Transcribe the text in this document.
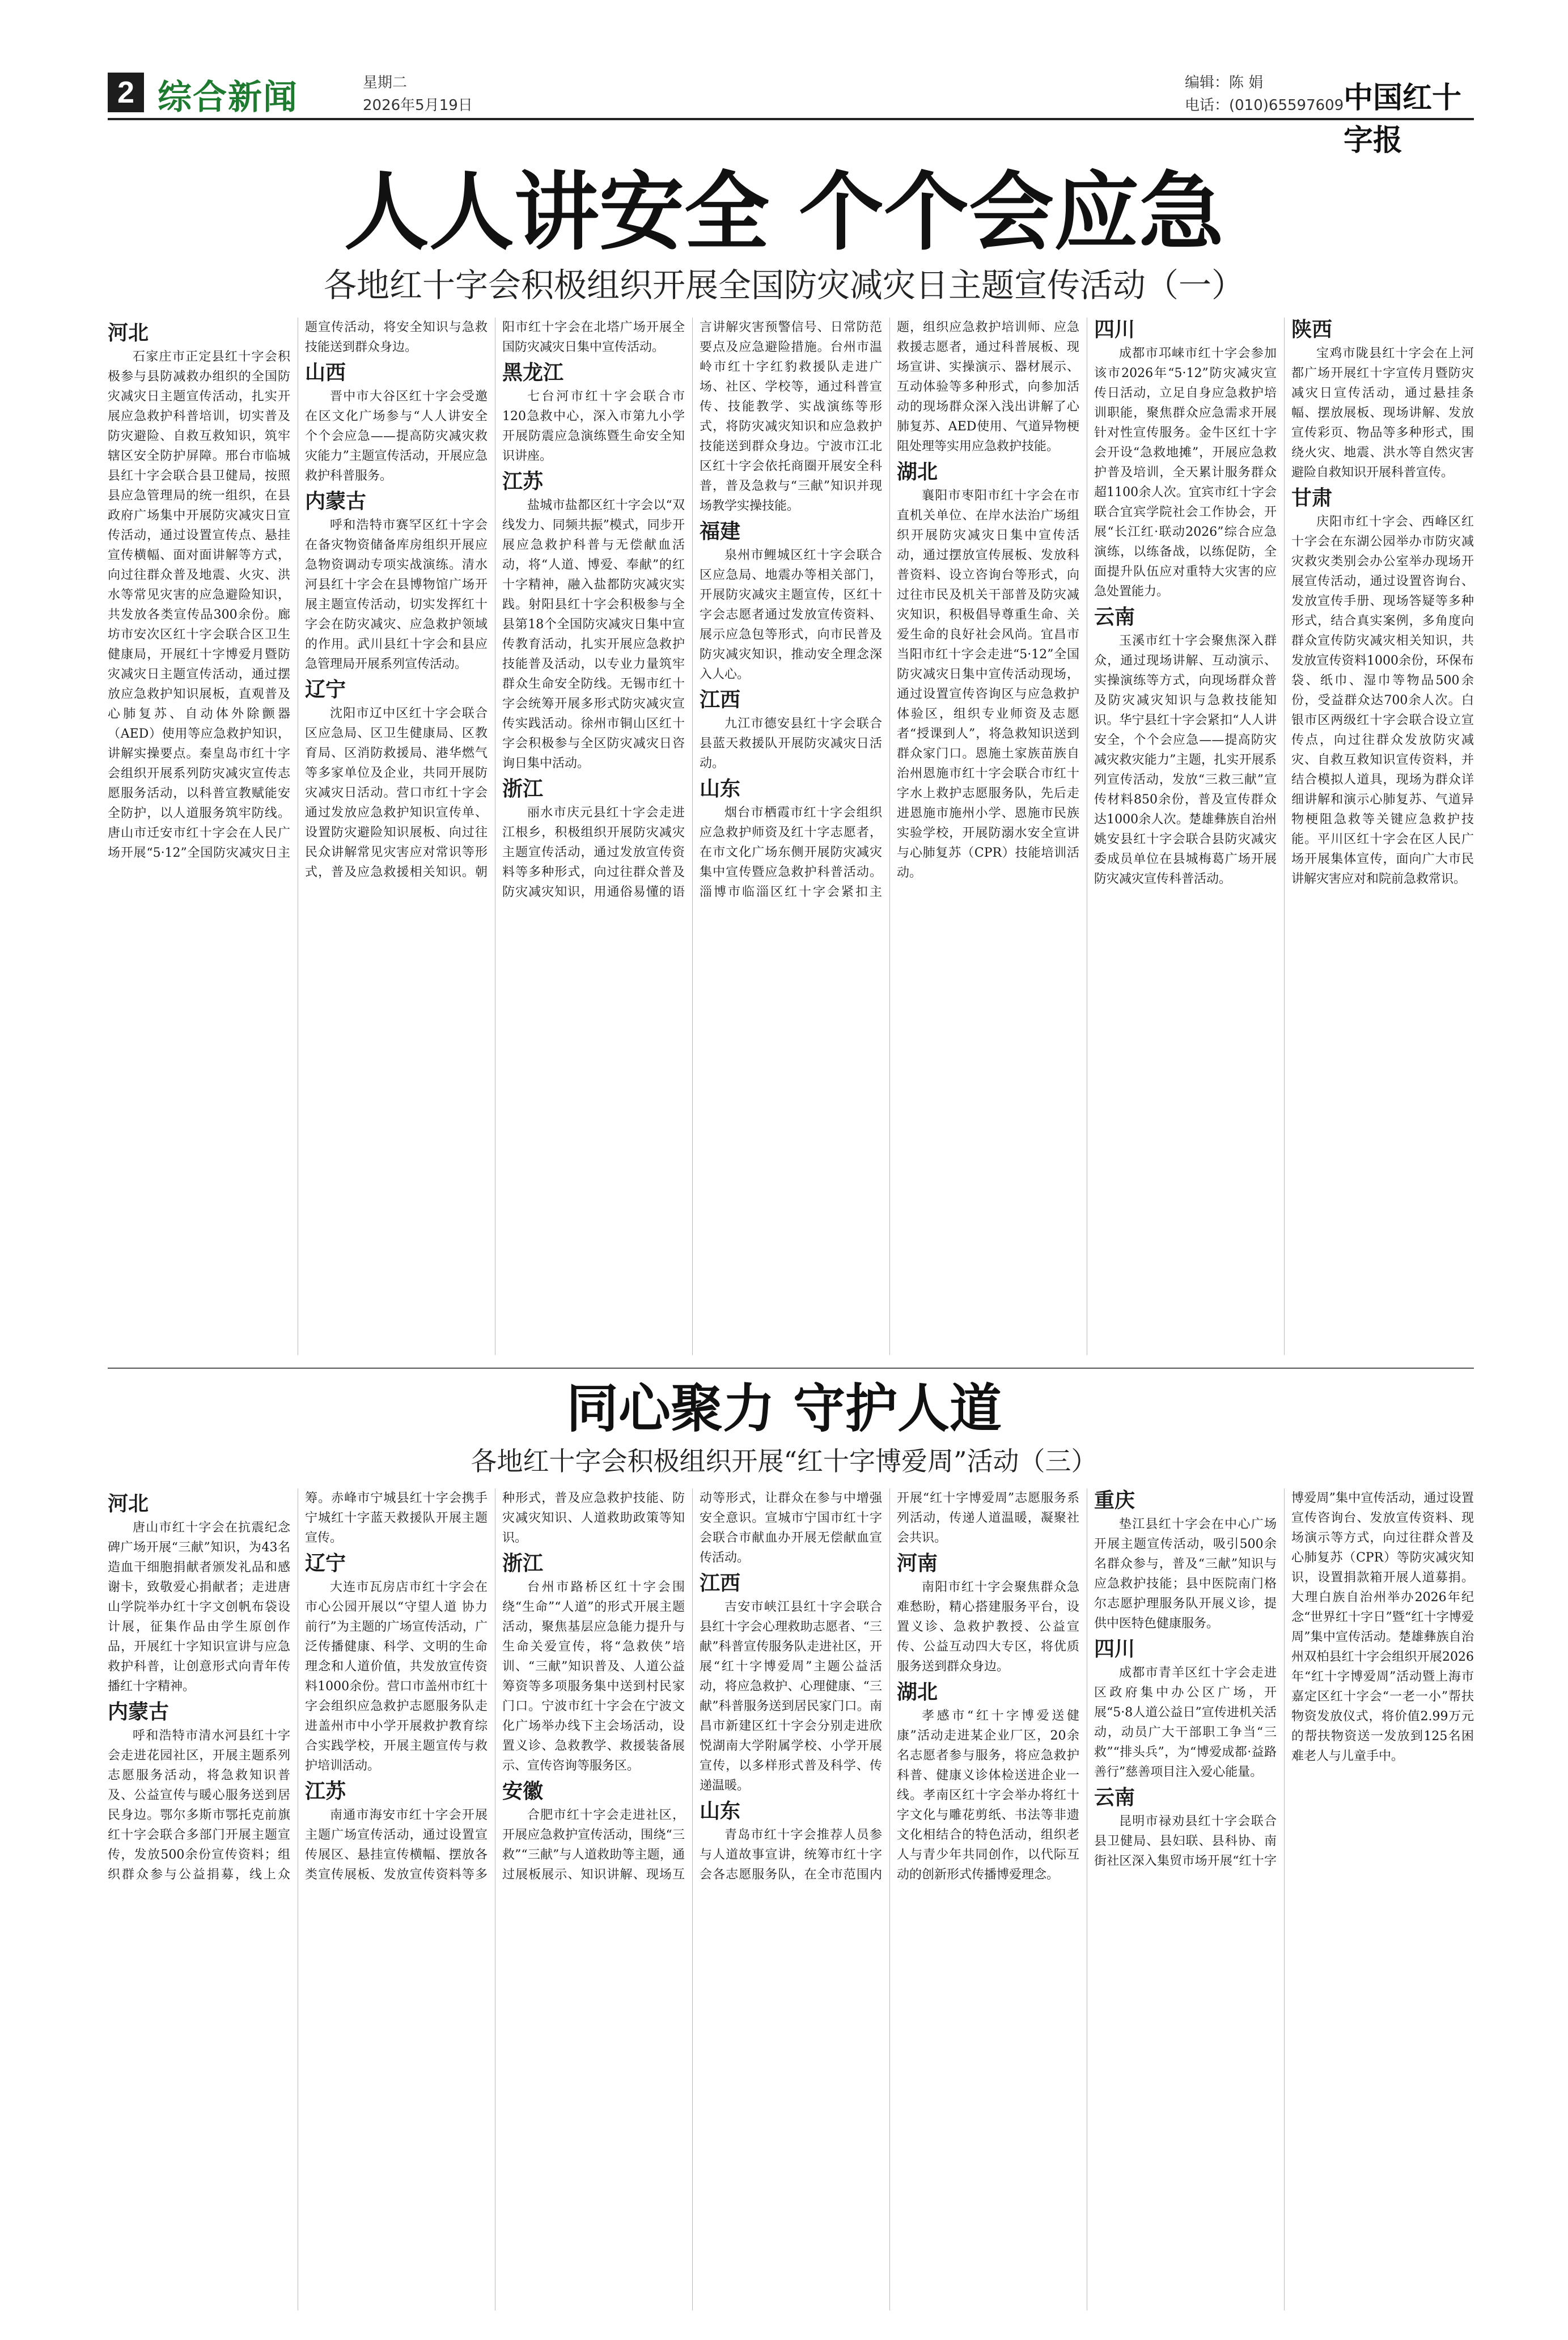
2 综合新闻	星期二
2026年5月19日
编辑：陈 娟
电话：(010)65597609 中国红十字报
人人讲安全 个个会应急
各地红十字会积极组织开展全国防灾减灾日主题宣传活动（一）
河北

石家庄市正定县红十字会积极参与县防减救办组织的全国防灾减灾日主题宣传活动，扎实开展应急救护科普培训，切实普及防灾避险、自救互救知识，筑牢辖区安全防护屏障。邢台市临城县红十字会联合县卫健局，按照县应急管理局的统一组织，在县政府广场集中开展防灾减灾日宣传活动，通过设置宣传点、悬挂宣传横幅、面对面讲解等方式，向过往群众普及地震、火灾、洪水等常见灾害的应急避险知识，共发放各类宣传品300余份。廊坊市安次区红十字会联合区卫生健康局，开展红十字博爱月暨防灾减灾日主题宣传活动，通过摆放应急救护知识展板，直观普及心肺复苏、自动体外除颤器（AED）使用等应急救护知识，讲解实操要点。秦皇岛市红十字会组织开展系列防灾减灾宣传志愿服务活动，以科普宣教赋能安全防护，以人道服务筑牢防线。唐山市迁安市红十字会在人民广场开展“5·12”全国防灾减灾日主题宣传活动，将安全知识与急救技能送到群众身边。

山西

晋中市大谷区红十字会受邀在区文化广场参与“人人讲安全 个个会应急——提高防灾减灾救灾能力”主题宣传活动，开展应急救护科普服务。

内蒙古

呼和浩特市赛罕区红十字会在备灾物资储备库房组织开展应急物资调动专项实战演练。清水河县红十字会在县博物馆广场开展主题宣传活动，切实发挥红十字会在防灾减灾、应急救护领域的作用。武川县红十字会和县应急管理局开展系列宣传活动。

辽宁

沈阳市辽中区红十字会联合区应急局、区卫生健康局、区教育局、区消防救援局、港华燃气等多家单位及企业，共同开展防灾减灾日活动。营口市红十字会通过发放应急救护知识宣传单、设置防灾避险知识展板、向过往民众讲解常见灾害应对常识等形式，普及应急救援相关知识。朝阳市红十字会在北塔广场开展全国防灾减灾日集中宣传活动。

黑龙江

七台河市红十字会联合市120急救中心，深入市第九小学开展防震应急演练暨生命安全知识讲座。

江苏

盐城市盐都区红十字会以“双线发力、同频共振”模式，同步开展应急救护科普与无偿献血活动，将“人道、博爱、奉献”的红十字精神，融入盐都防灾减灾实践。射阳县红十字会积极参与全县第18个全国防灾减灾日集中宣传教育活动，扎实开展应急救护技能普及活动，以专业力量筑牢群众生命安全防线。无锡市红十字会统筹开展多形式防灾减灾宣传实践活动。徐州市铜山区红十字会积极参与全区防灾减灾日咨询日集中活动。

浙江

丽水市庆元县红十字会走进江根乡，积极组织开展防灾减灾主题宣传活动，通过发放宣传资料等多种形式，向过往群众普及防灾减灾知识，用通俗易懂的语言讲解灾害预警信号、日常防范要点及应急避险措施。台州市温岭市红十字红豹救援队走进广场、社区、学校等，通过科普宣传、技能教学、实战演练等形式，将防灾减灾知识和应急救护技能送到群众身边。宁波市江北区红十字会依托商圈开展安全科普，普及急救与“三献”知识并现场教学实操技能。

福建

泉州市鲤城区红十字会联合区应急局、地震办等相关部门，开展防灾减灾主题宣传，区红十字会志愿者通过发放宣传资料、展示应急包等形式，向市民普及防灾减灾知识，推动安全理念深入人心。

江西

九江市德安县红十字会联合县蓝天救援队开展防灾减灾日活动。

山东

烟台市栖霞市红十字会组织应急救护师资及红十字志愿者，在市文化广场东侧开展防灾减灾集中宣传暨应急救护科普活动。淄博市临淄区红十字会紧扣主题，组织应急救护培训师、应急救援志愿者，通过科普展板、现场宣讲、实操演示、器材展示、互动体验等多种形式，向参加活动的现场群众深入浅出讲解了心肺复苏、AED使用、气道异物梗阻处理等实用应急救护技能。

湖北

襄阳市枣阳市红十字会在市直机关单位、在岸水法治广场组织开展防灾减灾日集中宣传活动，通过摆放宣传展板、发放科普资料、设立咨询台等形式，向过往市民及机关干部普及防灾减灾知识，积极倡导尊重生命、关爱生命的良好社会风尚。宜昌市当阳市红十字会走进“5·12”全国防灾减灾日集中宣传活动现场，通过设置宣传咨询区与应急救护体验区，组织专业师资及志愿者“授课到人”，将急救知识送到群众家门口。恩施土家族苗族自治州恩施市红十字会联合市红十字水上救护志愿服务队，先后走进恩施市施州小学、恩施市民族实验学校，开展防溺水安全宣讲与心肺复苏（CPR）技能培训活动。

四川

成都市邛崃市红十字会参加该市2026年“5·12”防灾减灾宣传日活动，立足自身应急救护培训职能，聚焦群众应急需求开展针对性宣传服务。金牛区红十字会开设“急救地摊”，开展应急救护普及培训，全天累计服务群众超1100余人次。宜宾市红十字会联合宜宾学院社会工作协会，开展“长江红·联动2026”综合应急演练，以练备战，以练促防，全面提升队伍应对重特大灾害的应急处置能力。

云南

玉溪市红十字会聚焦深入群众，通过现场讲解、互动演示、实操演练等方式，向现场群众普及防灾减灾知识与急救技能知识。华宁县红十字会紧扣“人人讲安全，个个会应急——提高防灾减灾救灾能力”主题，扎实开展系列宣传活动，发放“三救三献”宣传材料850余份，普及宣传群众达1000余人次。楚雄彝族自治州姚安县红十字会联合县防灾减灾委成员单位在县城梅葛广场开展防灾减灾宣传科普活动。

陕西

宝鸡市陇县红十字会在上河都广场开展红十字宣传月暨防灾减灾日宣传活动，通过悬挂条幅、摆放展板、现场讲解、发放宣传彩页、物品等多种形式，围绕火灾、地震、洪水等自然灾害避险自救知识开展科普宣传。

甘肃

庆阳市红十字会、西峰区红十字会在东湖公园举办市防灾减灾救灾类别会办公室举办现场开展宣传活动，通过设置咨询台、发放宣传手册、现场答疑等多种形式，结合真实案例，多角度向群众宣传防灾减灾相关知识，共发放宣传资料1000余份，环保布袋、纸巾、湿巾等物品500余份，受益群众达700余人次。白银市区两级红十字会联合设立宣传点，向过往群众发放防灾减灾、自救互救知识宣传资料，并结合模拟人道具，现场为群众详细讲解和演示心肺复苏、气道异物梗阻急救等关键应急救护技能。平川区红十字会在区人民广场开展集体宣传，面向广大市民讲解灾害应对和院前急救常识。

同心聚力 守护人道
各地红十字会积极组织开展“红十字博爱周”活动（三）
河北

唐山市红十字会在抗震纪念碑广场开展“三献”知识，为43名造血干细胞捐献者颁发礼品和感谢卡，致敬爱心捐献者；走进唐山学院举办红十字文创帆布袋设计展，征集作品由学生原创作品，开展红十字知识宣讲与应急救护科普，让创意形式向青年传播红十字精神。

内蒙古

呼和浩特市清水河县红十字会走进花园社区，开展主题系列志愿服务活动，将急救知识普及、公益宣传与暖心服务送到居民身边。鄂尔多斯市鄂托克前旗红十字会联合多部门开展主题宣传，发放500余份宣传资料；组织群众参与公益捐募，线上众筹。赤峰市宁城县红十字会携手宁城红十字蓝天救援队开展主题宣传。

辽宁

大连市瓦房店市红十字会在市心公园开展以“守望人道 协力前行”为主题的广场宣传活动，广泛传播健康、科学、文明的生命理念和人道价值，共发放宣传资料1000余份。营口市盖州市红十字会组织应急救护志愿服务队走进盖州市中小学开展救护教育综合实践学校，开展主题宣传与救护培训活动。

江苏

南通市海安市红十字会开展主题广场宣传活动，通过设置宣传展区、悬挂宣传横幅、摆放各类宣传展板、发放宣传资料等多种形式，普及应急救护技能、防灾减灾知识、人道救助政策等知识。

浙江

台州市路桥区红十字会围绕“生命”“人道”的形式开展主题活动，聚焦基层应急能力提升与生命关爱宣传，将“急救侠”培训、“三献”知识普及、人道公益筹资等多项服务集中送到村民家门口。宁波市红十字会在宁波文化广场举办线下主会场活动，设置义诊、急救教学、救援装备展示、宣传咨询等服务区。

安徽

合肥市红十字会走进社区，开展应急救护宣传活动，围绕“三救”“三献”与人道救助等主题，通过展板展示、知识讲解、现场互动等形式，让群众在参与中增强安全意识。宣城市宁国市红十字会联合市献血办开展无偿献血宣传活动。

江西

吉安市峡江县红十字会联合县红十字会心理救助志愿者、“三献”科普宣传服务队走进社区，开展“红十字博爱周”主题公益活动，将应急救护、心理健康、“三献”科普服务送到居民家门口。南昌市新建区红十字会分别走进欣悦湖南大学附属学校、小学开展宣传，以多样形式普及科学、传递温暖。

山东

青岛市红十字会推荐人员参与人道故事宣讲，统筹市红十字会各志愿服务队，在全市范围内开展“红十字博爱周”志愿服务系列活动，传递人道温暖，凝聚社会共识。

河南

南阳市红十字会聚焦群众急难愁盼，精心搭建服务平台，设置义诊、急救护教授、公益宣传、公益互动四大专区，将优质服务送到群众身边。

湖北

孝感市“红十字博爱送健康”活动走进某企业厂区，20余名志愿者参与服务，将应急救护科普、健康义诊体检送进企业一线。孝南区红十字会举办将红十字文化与雕花剪纸、书法等非遗文化相结合的特色活动，组织老人与青少年共同创作，以代际互动的创新形式传播博爱理念。

重庆

垫江县红十字会在中心广场开展主题宣传活动，吸引500余名群众参与，普及“三献”知识与应急救护技能；县中医院南门格尔志愿护理服务队开展义诊，提供中医特色健康服务。

四川

成都市青羊区红十字会走进区政府集中办公区广场，开展“5·8人道公益日”宣传进机关活动，动员广大干部职工争当“三救”“排头兵”，为“博爱成都·益路善行”慈善项目注入爱心能量。

云南

昆明市禄劝县红十字会联合县卫健局、县妇联、县科协、南街社区深入集贸市场开展“红十字博爱周”集中宣传活动，通过设置宣传咨询台、发放宣传资料、现场演示等方式，向过往群众普及心肺复苏（CPR）等防灾减灾知识，设置捐款箱开展人道募捐。大理白族自治州举办2026年纪念“世界红十字日”暨“红十字博爱周”集中宣传活动。楚雄彝族自治州双柏县红十字会组织开展2026年“红十字博爱周”活动暨上海市嘉定区红十字会“一老一小”帮扶物资发放仪式，将价值2.99万元的帮扶物资送一发放到125名困难老人与儿童手中。
